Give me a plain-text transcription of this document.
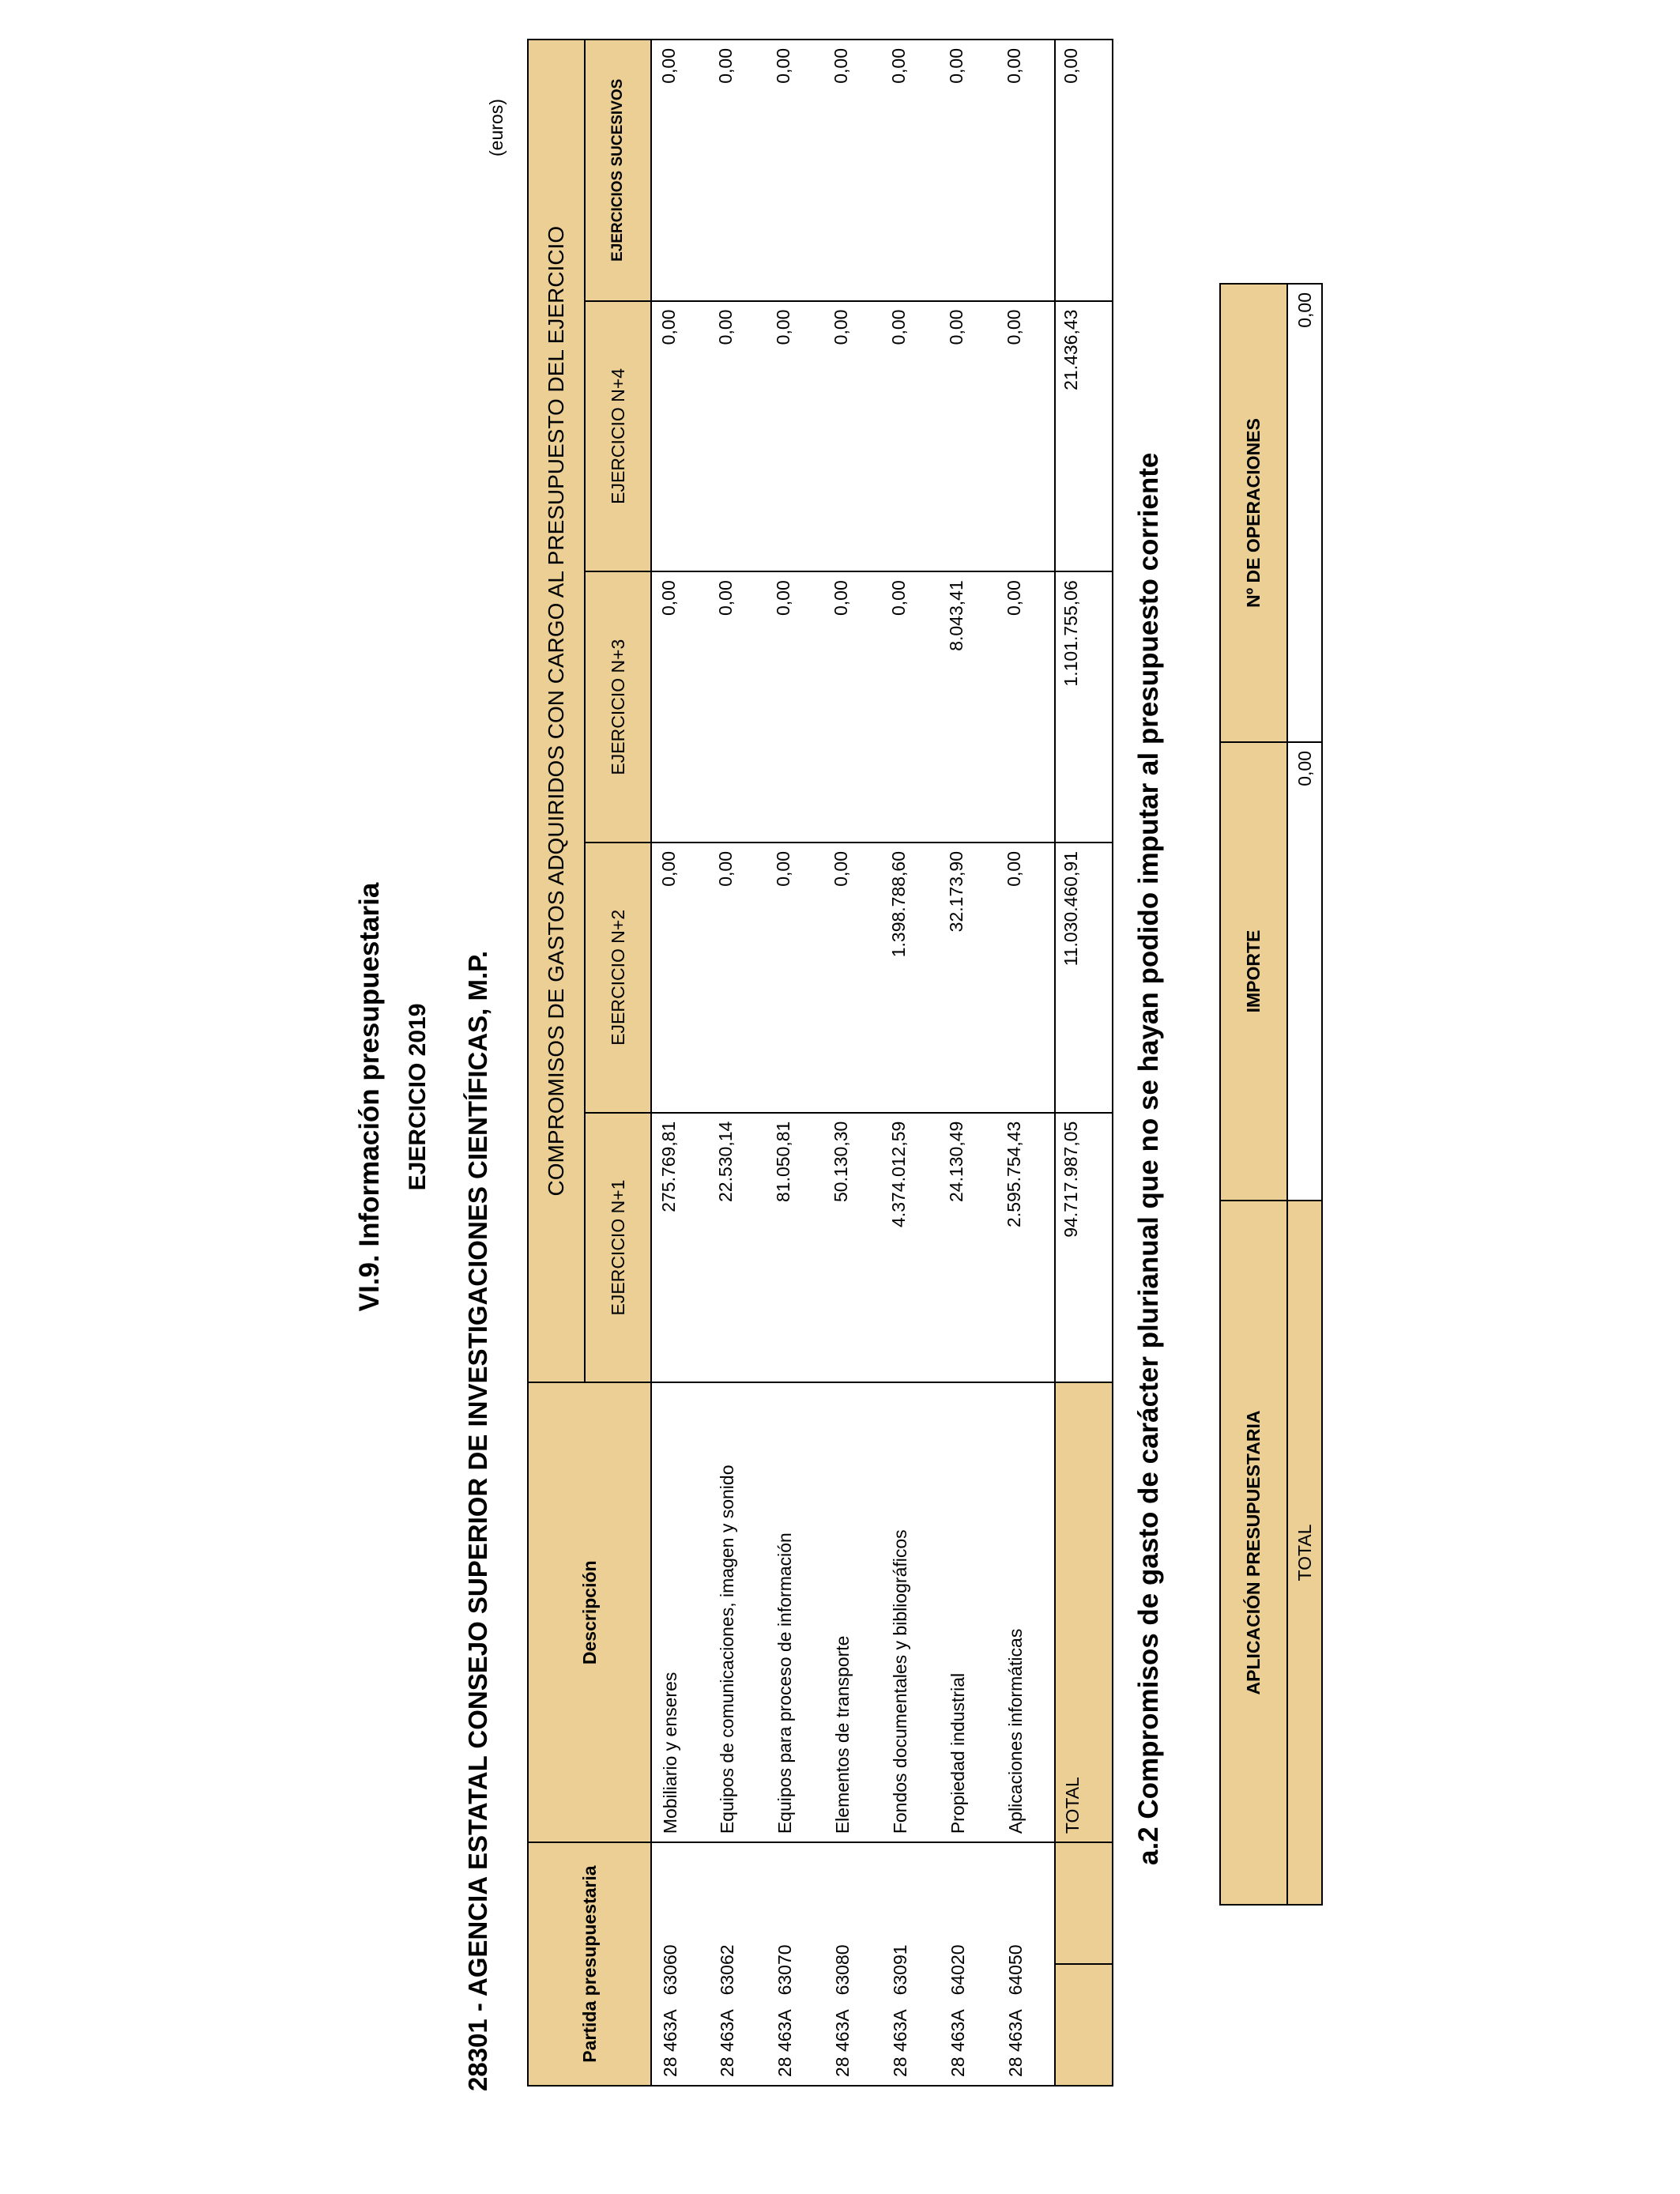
VI.9. Información presupuestaria EJERCICIO 2019 28301 - AGENCIA ESTATAL CONSEJO SUPERIOR DE INVESTIGACIONES CIENTÍFICAS, M.P.
(euros)
Partida presupuestaria		Descripción	COMPROMISOS DE GASTOS ADQUIRIDOS CON CARGO AL PRESUPUESTO DEL EJERCICIO				
			EJERCICIO N+1	EJERCICIO N+2	EJERCICIO N+3	EJERCICIO N+4	EJERCICIOS SUCESIVOS
28 463A   63060		Mobiliario y enseres	275.769,81	0,00	0,00	0,00	0,00
28 463A   63062		Equipos de comunicaciones, imagen y sonido	22.530,14	0,00	0,00	0,00	0,00
28 463A   63070		Equipos para proceso de información	81.050,81	0,00	0,00	0,00	0,00
28 463A   63080		Elementos de transporte	50.130,30	0,00	0,00	0,00	0,00
28 463A   63091		Fondos documentales y bibliográficos	4.374.012,59	1.398.788,60	0,00	0,00	0,00
28 463A   64020		Propiedad industrial	24.130,49	32.173,90	8.043,41	0,00	0,00
28 463A   64050		Aplicaciones informáticas	2.595.754,43	0,00	0,00	0,00	0,00
		TOTAL	94.717.987,05	11.030.460,91	1.101.755,06	21.436,43	0,00
a.2 Compromisos de gasto de carácter plurianual que no se hayan podido imputar al presupuesto corriente	APLICACIÓN PRESUPUESTARIA	IMPORTE	Nº DE OPERACIONES
TOTAL	0,00	0,00
